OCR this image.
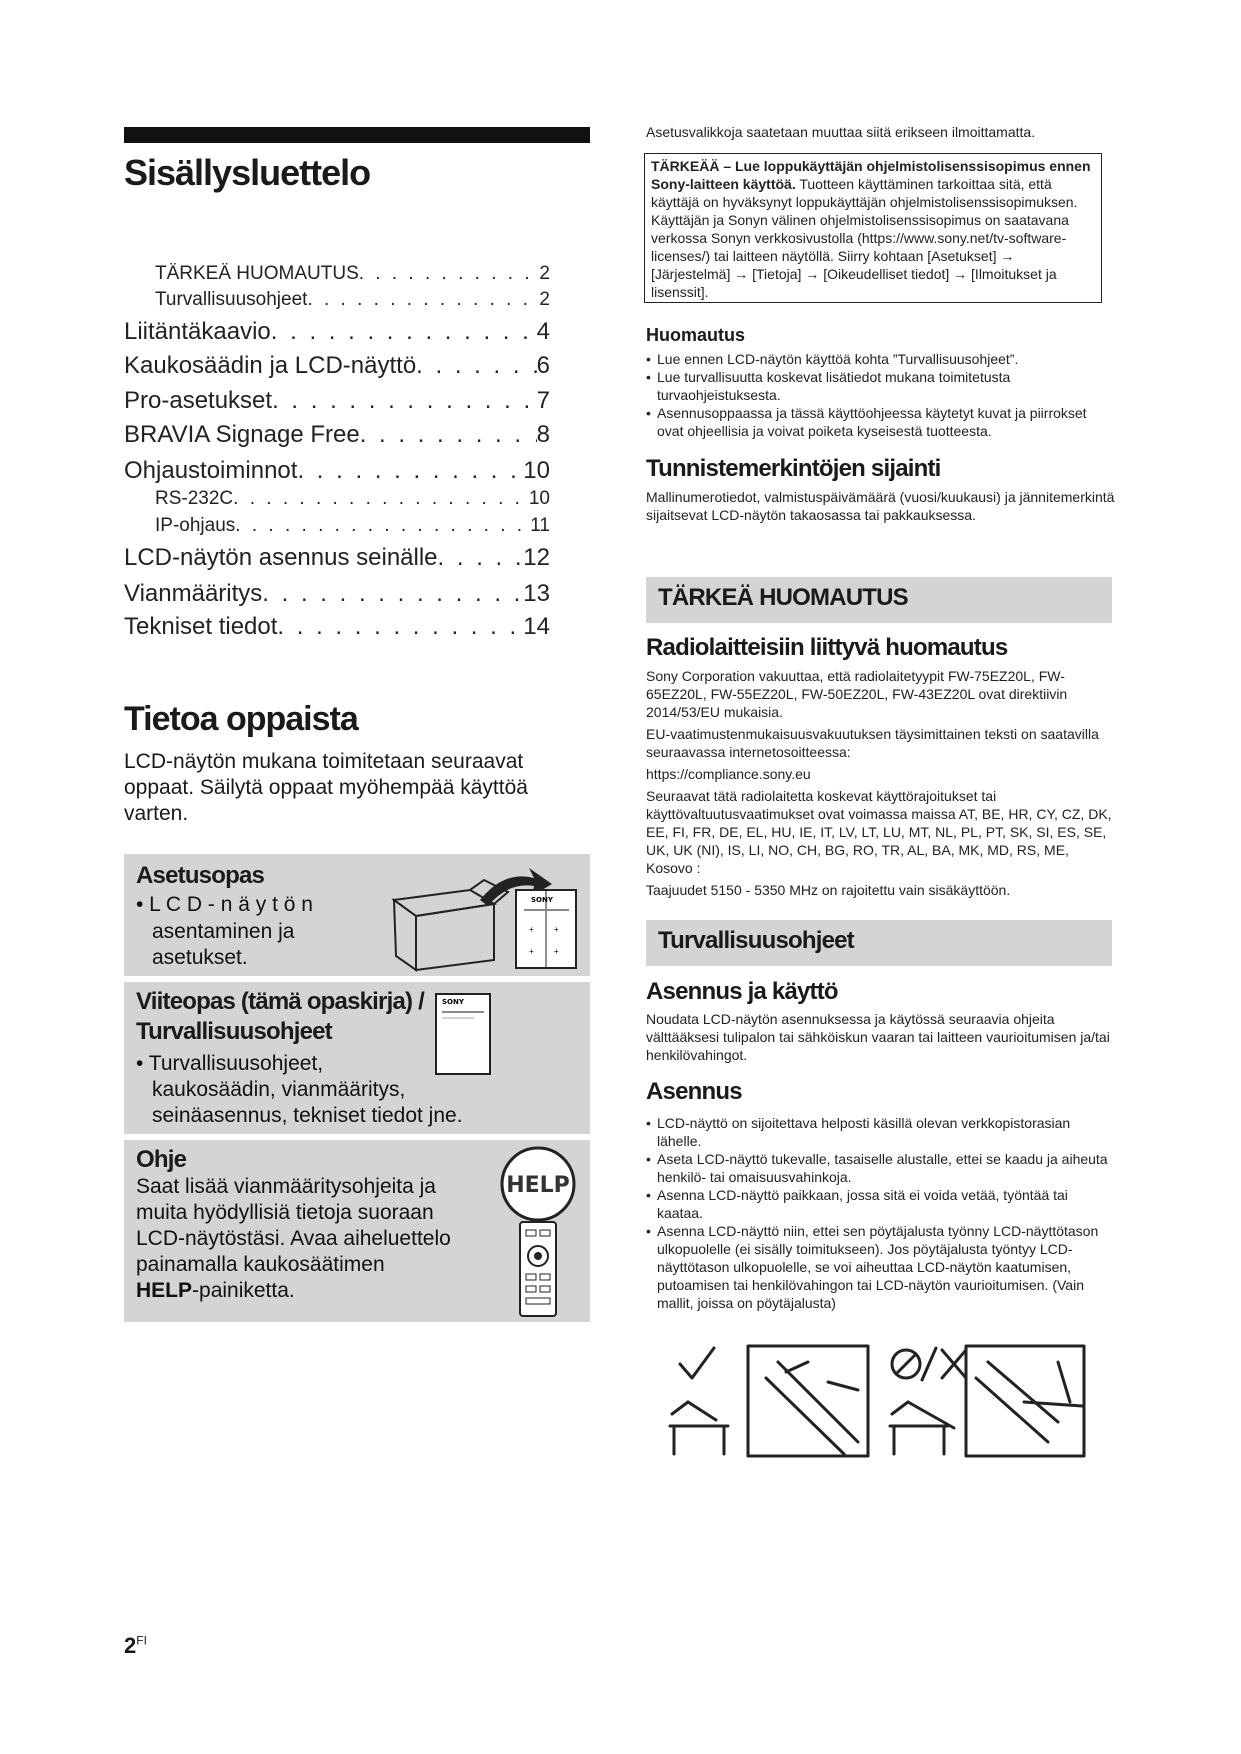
Sisällysluettelo
TÄRKEÄ HUOMAUTUS . . .	2
Turvallisuusohjeet . . .	2
Liitäntäkaavio . . .	4
Kaukosäädin ja LCD-näyttö . . .	6
Pro-asetukset . . .	7
BRAVIA Signage Free . . .	8
Ohjaustoiminnot . . .	10
RS-232C . . .	10
IP-ohjaus . . .	11
LCD-näytön asennus seinälle . . .	12
Vianmääritys . . .	13
Tekniset tiedot . . .	14
Tietoa oppaista
LCD-näytön mukana toimitetaan seuraavat oppaat. Säilytä oppaat myöhempää käyttöä varten.
Asetusopas
• L C D - n ä y t ö n
asentaminen ja
asetukset.
SONY
+	+
+	+
Viiteopas (tämä opaskirja) /
Turvallisuusohjeet
• Turvallisuusohjeet,
kaukosäädin, vianmääritys,
seinäasennus, tekniset tiedot jne.
SONY
Ohje
Saat lisää vianmääritysohjeita ja
muita hyödyllisiä tietoja suoraan
LCD-näytöstäsi. Avaa aiheluettelo
painamalla kaukosäätimen
HELP-painiketta.
HELP
$2^{FI}$
Asetusvalikkoja saatetaan muuttaa siitä erikseen ilmoittamatta.
TÄRKEÄÄ – Lue loppukäyttäjän ohjelmistolisenssisopimus ennen Sony-laitteen käyttöä. Tuotteen käyttäminen tarkoittaa sitä, että käyttäjä on hyväksynyt loppukäyttäjän ohjelmistolisenssisopimuksen. Käyttäjän ja Sonyn välinen ohjelmistolisenssisopimus on saatavana verkossa Sonyn verkkosivustolla (https://www.sony.net/tv-software-licenses/) tai laitteen näytöllä. Siirry kohtaan [Asetukset] → [Järjestelmä] → [Tietoja] → [Oikeudelliset tiedot] → [Ilmoitukset ja lisenssit].
Huomautus
• Lue ennen LCD-näytön käyttöä kohta ”Turvallisuusohjeet”.
• Lue turvallisuutta koskevat lisätiedot mukana toimitetusta turvaohjeistuksesta.
• Asennusoppaassa ja tässä käyttöohjeessa käytetyt kuvat ja piirrokset ovat ohjeellisia ja voivat poiketa kyseisestä tuotteesta.
Tunnistemerkintöjen sijainti
Mallinumerotiedot, valmistuspäivämäärä (vuosi/kuukausi) ja jännitemerkintä sijaitsevat LCD-näytön takaosassa tai pakkauksessa.
TÄRKEÄ HUOMAUTUS
Radiolaitteisiin liittyvä huomautus

Sony Corporation vakuuttaa, että radiolaitetyypit FW-75EZ20L, FW-65EZ20L, FW-55EZ20L, FW-50EZ20L, FW-43EZ20L ovat direktiivin 2014/53/EU mukaisia.

EU-vaatimustenmukaisuusvakuutuksen täysimittainen teksti on saatavilla seuraavassa internetosoitteessa:

https://compliance.sony.eu

Seuraavat tätä radiolaitetta koskevat käyttörajoitukset tai käyttövaltuutusvaatimukset ovat voimassa maissa AT, BE, HR, CY, CZ, DK, EE, FI, FR, DE, EL, HU, IE, IT, LV, LT, LU, MT, NL, PL, PT, SK, SI, ES, SE, UK, UK (NI), IS, LI, NO, CH, BG, RO, TR, AL, BA, MK, MD, RS, ME, Kosovo :

Taajuudet 5150 - 5350 MHz on rajoitettu vain sisäkäyttöön.

Turvallisuusohjeet
Asennus ja käyttö
Noudata LCD-näytön asennuksessa ja käytössä seuraavia ohjeita välttääksesi tulipalon tai sähköiskun vaaran tai laitteen vaurioitumisen ja/tai henkilövahingot.
Asennus
• LCD-näyttö on sijoitettava helposti käsillä olevan verkkopistorasian lähelle.
• Aseta LCD-näyttö tukevalle, tasaiselle alustalle, ettei se kaadu ja aiheuta henkilö- tai omaisuusvahinkoja.
• Asenna LCD-näyttö paikkaan, jossa sitä ei voida vetää, työntää tai kaataa.
• Asenna LCD-näyttö niin, ettei sen pöytäjalusta työnny LCD-näyttötason ulkopuolelle (ei sisälly toimitukseen). Jos pöytäjalusta työntyy LCD-näyttötason ulkopuolelle, se voi aiheuttaa LCD-näytön kaatumisen, putoamisen tai henkilövahingon tai LCD-näytön vaurioitumisen. (Vain mallit, joissa on pöytäjalusta)
